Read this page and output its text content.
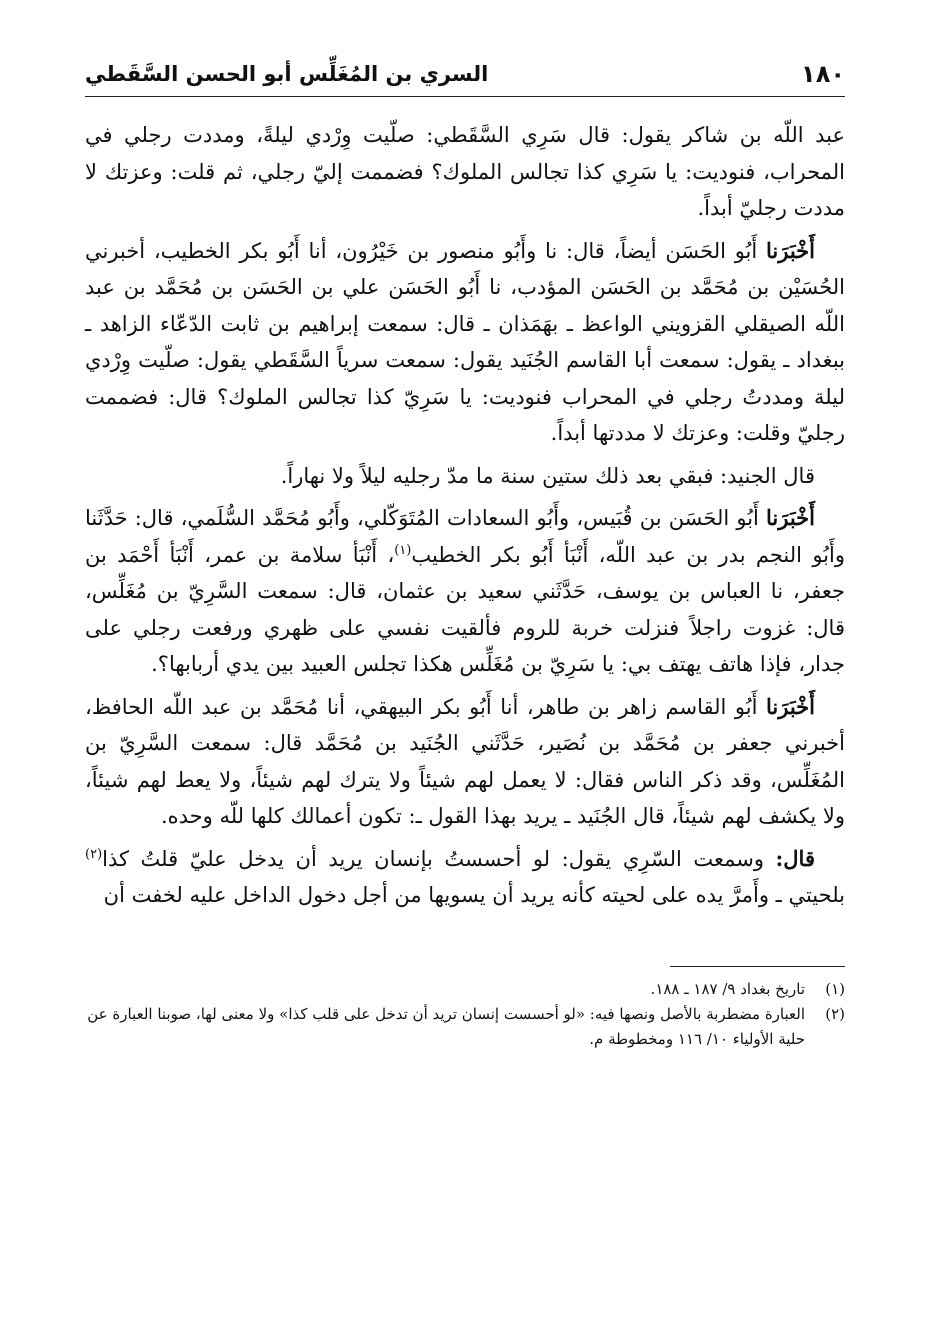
١٨٠
السري بن المُغَلِّس أبو الحسن السَّقَطي

عبد اللّه بن شاكر يقول: قال سَرِي السَّقَطي: صلّيت وِرْدي ليلةً، ومددت رجلي في المحراب، فنوديت: يا سَرِي كذا تجالس الملوك؟ فضممت إليّ رجلي، ثم قلت: وعزتك لا مددت رجليّ أبداً.

أَخْبَرَنا أَبُو الحَسَن أيضاً، قال: نا وأَبُو منصور بن خَيْرُون، أنا أَبُو بكر الخطيب، أخبرني الحُسَيْن بن مُحَمَّد بن الحَسَن المؤدب، نا أَبُو الحَسَن علي بن الحَسَن بن مُحَمَّد بن عبد اللّه الصيقلي القزويني الواعظ ـ بهَمَذان ـ قال: سمعت إبراهيم بن ثابت الدّعّاء الزاهد ـ ببغداد ـ يقول: سمعت أبا القاسم الجُنَيد يقول: سمعت سرياً السَّقَطي يقول: صلّيت وِرْدي ليلة ومددتُ رجلي في المحراب فنوديت: يا سَرِيّ كذا تجالس الملوك؟ قال: فضممت رجليّ وقلت: وعزتك لا مددتها أبداً.

قال الجنيد: فبقي بعد ذلك ستين سنة ما مدّ رجليه ليلاً ولا نهاراً.

أَخْبَرَنا أَبُو الحَسَن بن قُبَيس، وأَبُو السعادات المُتَوَكّلي، وأَبُو مُحَمَّد السُّلَمي، قال: حَدَّثَنا وأَبُو النجم بدر بن عبد اللّه، أَنْبَأ أَبُو بكر الخطيب$^{(١)}$، أَنْبَأ سلامة بن عمر، أَنْبَأ أَحْمَد بن جعفر، نا العباس بن يوسف، حَدَّثَني سعيد بن عثمان، قال: سمعت السَّرِيّ بن مُغَلِّس، قال: غزوت راجلاً فنزلت خربة للروم فألقيت نفسي على ظهري ورفعت رجلي على جدار، فإذا هاتف يهتف بي: يا سَرِيّ بن مُغَلِّس هكذا تجلس العبيد بين يدي أربابها؟.

أَخْبَرَنا أَبُو القاسم زاهر بن طاهر، أنا أَبُو بكر البيهقي، أنا مُحَمَّد بن عبد اللّه الحافظ، أخبرني جعفر بن مُحَمَّد بن نُصَير، حَدَّثَني الجُنَيد بن مُحَمَّد قال: سمعت السَّرِيّ بن المُغَلِّس، وقد ذكر الناس فقال: لا يعمل لهم شيئاً ولا يترك لهم شيئاً، ولا يعط لهم شيئاً، ولا يكشف لهم شيئاً، قال الجُنَيد ـ يريد بهذا القول ـ: تكون أعمالك كلها للّه وحده.

قال: وسمعت السّرِي يقول: لو أحسستُ بإنسان يريد أن يدخل عليّ قلتُ كذا$^{(٢)}$ بلحيتي ـ وأَمرَّ يده على لحيته كأنه يريد أن يسويها من أجل دخول الداخل عليه لخفت أن

(١)
تاريخ بغداد ٩/ ١٨٧ ـ ١٨٨.
(٢)
العبارة مضطربة بالأصل ونصها فيه: «لو أحسست إنسان تريد أن تدخل على قلب كذا» ولا معنى لها، صوبنا العبارة عن حلية الأولياء ١٠/ ١١٦ ومخطوطة م.
